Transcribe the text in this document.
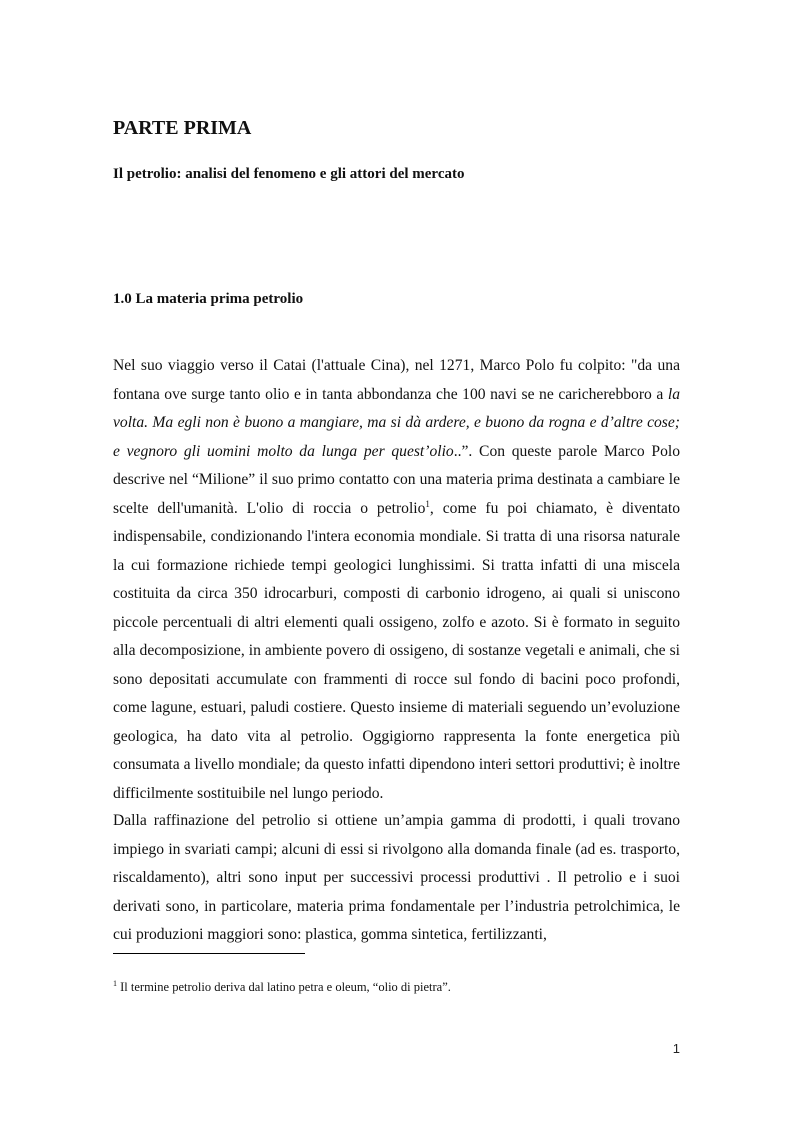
PARTE PRIMA
Il petrolio: analisi del fenomeno e gli attori del mercato
1.0 La materia prima petrolio

Nel suo viaggio verso il Catai (l'attuale Cina), nel 1271, Marco Polo fu colpito: "da una fontana ove surge tanto olio e in tanta abbondanza che 100 navi se ne caricherebboro a la volta. Ma egli non è buono a mangiare, ma si dà ardere, e buono da rogna e d’altre cose; e vegnoro gli uomini molto da lunga per quest’olio..”. Con queste parole Marco Polo descrive nel “Milione” il suo primo contatto con una materia prima destinata a cambiare le scelte dell'umanità. L'olio di roccia o petrolio$^1$, come fu poi chiamato, è diventato indispensabile, condizionando l'intera economia mondiale. Si tratta di una risorsa naturale la cui formazione richiede tempi geologici lunghissimi. Si tratta infatti di una miscela costituita da circa 350 idrocarburi, composti di carbonio idrogeno, ai quali si uniscono piccole percentuali di altri elementi quali ossigeno, zolfo e azoto. Si è formato in seguito alla decomposizione, in ambiente povero di ossigeno, di sostanze vegetali e animali, che si sono depositati accumulate con frammenti di rocce sul fondo di bacini poco profondi, come lagune, estuari, paludi costiere. Questo insieme di materiali seguendo un’evoluzione geologica, ha dato vita al petrolio. Oggigiorno rappresenta la fonte energetica più consumata a livello mondiale; da questo infatti dipendono interi settori produttivi; è inoltre difficilmente sostituibile nel lungo periodo.

Dalla raffinazione del petrolio si ottiene un’ampia gamma di prodotti, i quali trovano impiego in svariati campi; alcuni di essi si rivolgono alla domanda finale (ad es. trasporto, riscaldamento), altri sono input per successivi processi produttivi . Il petrolio e i suoi derivati sono, in particolare, materia prima fondamentale per l’industria petrolchimica, le cui produzioni maggiori sono: plastica, gomma sintetica, fertilizzanti,

$^1$ Il termine petrolio deriva dal latino petra e oleum, “olio di pietra”.

1
